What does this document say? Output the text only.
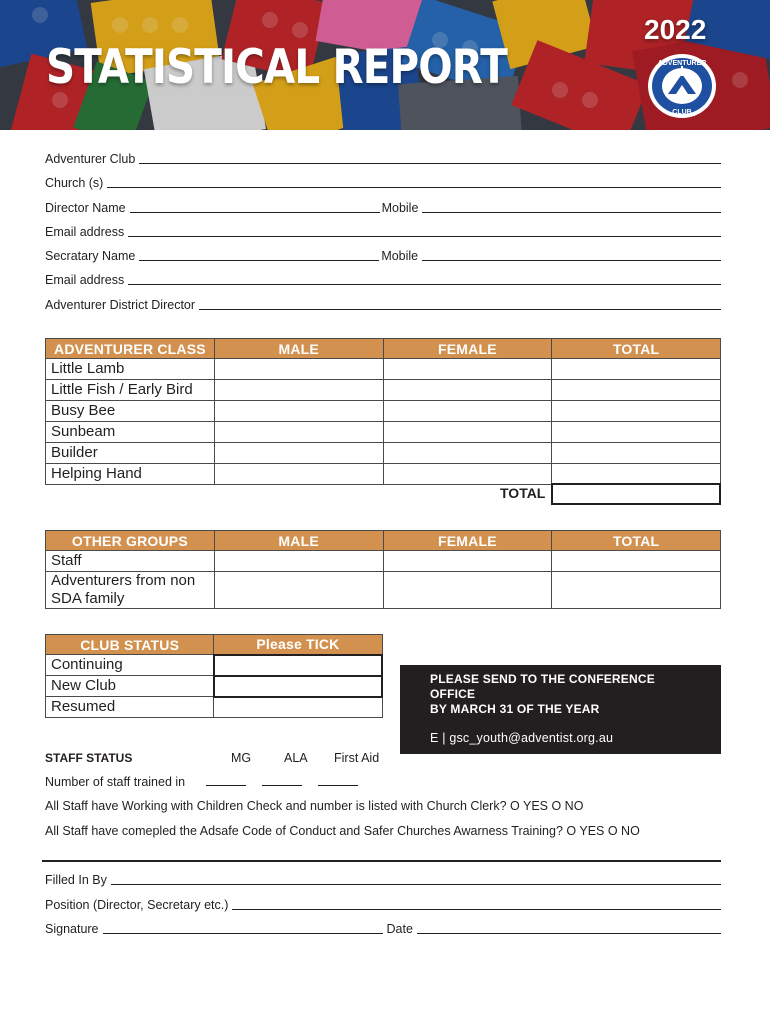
STATISTICAL REPORT
2022
ADVENTURER
CLUB
Adventurer Club
Church (s)
Director Name	Mobile
Email address
Secratary Name	Mobile
Email address
Adventurer District Director
ADVENTURER CLASS	MALE	FEMALE	TOTAL
Little Lamb			
Little Fish / Early Bird			
Busy Bee			
Sunbeam			
Builder			
Helping Hand			
TOTAL
OTHER GROUPS	MALE	FEMALE	TOTAL
Staff			
Adventurers from non SDA family			
CLUB STATUS	Please TICK
Continuing	
New Club	
Resumed	
PLEASE SEND TO THE CONFERENCE OFFICE
BY MARCH 31 OF THE YEAR
E | gsc_youth@adventist.org.au
STAFF STATUS	MG	ALA First Aid
Number of staff trained in
All Staff have Working with Children Check and number is listed with Church Clerk? O YES O NO
All Staff have comepled the Adsafe Code of Conduct and Safer Churches Awarness Training? O YES O NO
Filled In By
Position (Director, Secretary etc.)
Signature	Date
